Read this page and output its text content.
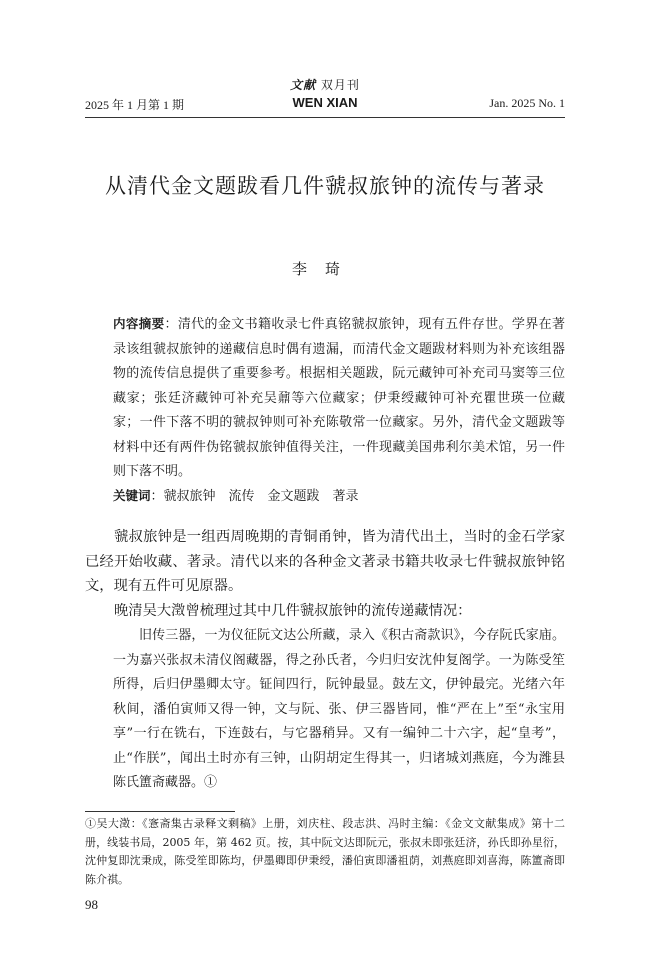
2025 年 1 月第 1 期
文献 双月刊
WEN XIAN	Jan. 2025 No. 1
从清代金文题跋看几件虢叔旅钟的流传与著录
李琦
内容摘要：清代的金文书籍收录七件真铭虢叔旅钟，现有五件存世。学界在著录该组虢叔旅钟的递藏信息时偶有遗漏，而清代金文题跋材料则为补充该组器物的流传信息提供了重要参考。根据相关题跋，阮元藏钟可补充司马窦等三位藏家；张廷济藏钟可补充吴鼐等六位藏家；伊秉绶藏钟可补充瞿世瑛一位藏家；一件下落不明的虢叔钟则可补充陈敬常一位藏家。另外，清代金文题跋等材料中还有两件伪铭虢叔旅钟值得关注，一件现藏美国弗利尔美术馆，另一件则下落不明。
关键词：虢叔旅钟　流传　金文题跋　著录

虢叔旅钟是一组西周晚期的青铜甬钟，皆为清代出土，当时的金石学家已经开始收藏、著录。清代以来的各种金文著录书籍共收录七件虢叔旅钟铭文，现有五件可见原器。

晚清吴大澂曾梳理过其中几件虢叔旅钟的流传递藏情况：

旧传三器，一为仪征阮文达公所藏，录入《积古斋款识》，今存阮氏家庙。一为嘉兴张叔未清仪阁藏器，得之孙氏者，今归归安沈仲复阁学。一为陈受笙所得，后归伊墨卿太守。钲间四行，阮钟最显。鼓左文，伊钟最完。光绪六年秋间，潘伯寅师又得一钟，文与阮、张、伊三器皆同，惟“严在上”至“永宝用享”一行在铣右，下连鼓右，与它器稍异。又有一编钟二十六字，起“皇考”，止“作朕”，闻出土时亦有三钟，山阴胡定生得其一，归诸城刘燕庭，今为潍县陈氏簠斋藏器。①
①吴大澂：《愙斋集古录释文剩稿》上册，刘庆柱、段志洪、冯时主编：《金文文献集成》第十二册，线装书局，2005 年，第 462 页。按，其中阮文达即阮元，张叔未即张廷济，孙氏即孙星衍，沈仲复即沈秉成，陈受笙即陈均，伊墨卿即伊秉绶，潘伯寅即潘祖荫，刘燕庭即刘喜海，陈簠斋即陈介祺。
98
